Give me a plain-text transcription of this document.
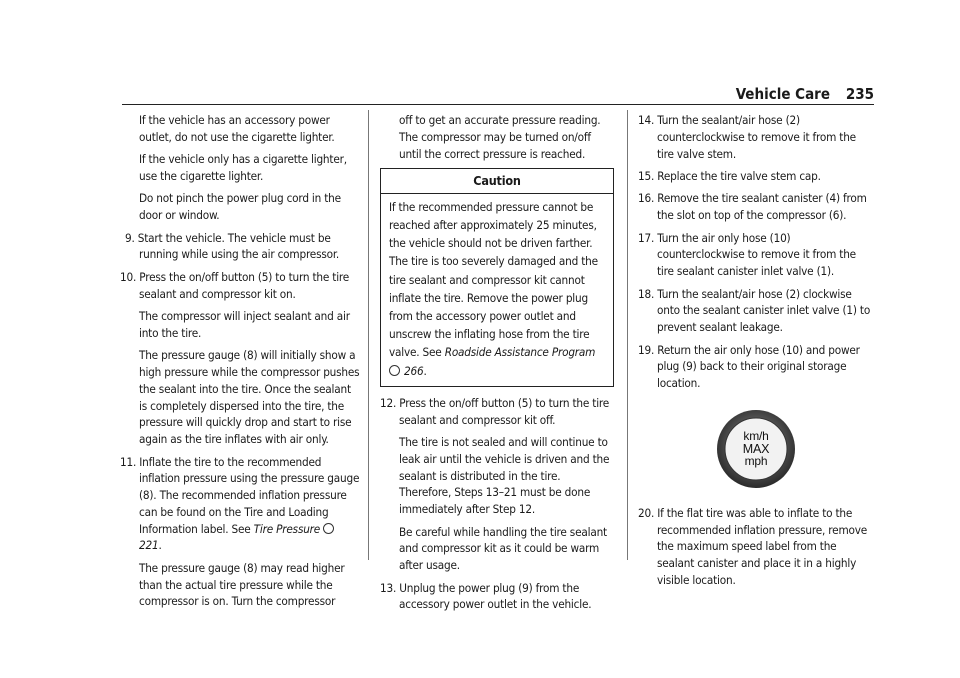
Vehicle Care 235

If the vehicle has an accessory power outlet, do not use the cigarette lighter.

If the vehicle only has a cigarette lighter, use the cigarette lighter.

Do not pinch the power plug cord in the door or window.

9. Start the vehicle. The vehicle must be running while using the air compressor.

10. Press the on/off button (5) to turn the tire sealant and compressor kit on.

The compressor will inject sealant and air into the tire.

The pressure gauge (8) will initially show a high pressure while the compressor pushes the sealant into the tire. Once the sealant is completely dispersed into the tire, the pressure will quickly drop and start to rise again as the tire inflates with air only.

11. Inflate the tire to the recommended inflation pressure using the pressure gauge (8). The recommended inflation pressure can be found on the Tire and Loading Information label. See Tire Pressure 221.

The pressure gauge (8) may read higher than the actual tire pressure while the compressor is on. Turn the compressor

off to get an accurate pressure reading. The compressor may be turned on/off until the correct pressure is reached.

Caution
If the recommended pressure cannot be reached after approximately 25 minutes, the vehicle should not be driven farther. The tire is too severely damaged and the tire sealant and compressor kit cannot inflate the tire. Remove the power plug from the accessory power outlet and unscrew the inflating hose from the tire valve. See Roadside Assistance Program
266.

12. Press the on/off button (5) to turn the tire sealant and compressor kit off.

The tire is not sealed and will continue to leak air until the vehicle is driven and the sealant is distributed in the tire. Therefore, Steps 13–21 must be done immediately after Step 12.

Be careful while handling the tire sealant and compressor kit as it could be warm after usage.

13. Unplug the power plug (9) from the accessory power outlet in the vehicle.

14. Turn the sealant/air hose (2) counterclockwise to remove it from the tire valve stem.

15. Replace the tire valve stem cap.

16. Remove the tire sealant canister (4) from the slot on top of the compressor (6).

17. Turn the air only hose (10) counterclockwise to remove it from the tire sealant canister inlet valve (1).

18. Turn the sealant/air hose (2) clockwise onto the sealant canister inlet valve (1) to prevent sealant leakage.

19. Return the air only hose (10) and power plug (9) back to their original storage location.

km/h
MAX
mph

20. If the flat tire was able to inflate to the recommended inflation pressure, remove the maximum speed label from the sealant canister and place it in a highly visible location.
